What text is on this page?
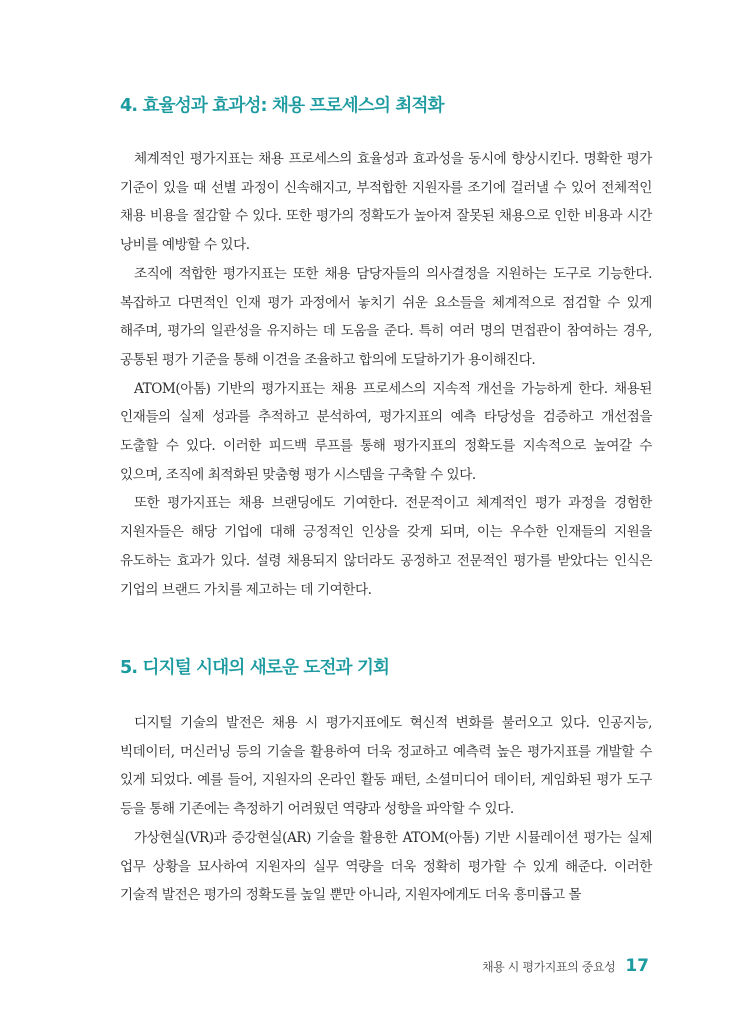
4. 효율성과 효과성: 채용 프로세스의 최적화

체계적인 평가지표는 채용 프로세스의 효율성과 효과성을 동시에 향상시킨다. 명확한 평가 기준이 있을 때 선별 과정이 신속해지고, 부적합한 지원자를 조기에 걸러낼 수 있어 전체적인 채용 비용을 절감할 수 있다. 또한 평가의 정확도가 높아져 잘못된 채용으로 인한 비용과 시간 낭비를 예방할 수 있다.

조직에 적합한 평가지표는 또한 채용 담당자들의 의사결정을 지원하는 도구로 기능한다. 복잡하고 다면적인 인재 평가 과정에서 놓치기 쉬운 요소들을 체계적으로 점검할 수 있게 해주며, 평가의 일관성을 유지하는 데 도움을 준다. 특히 여러 명의 면접관이 참여하는 경우, 공통된 평가 기준을 통해 이견을 조율하고 합의에 도달하기가 용이해진다.

ATOM(아톰) 기반의 평가지표는 채용 프로세스의 지속적 개선을 가능하게 한다. 채용된 인재들의 실제 성과를 추적하고 분석하여, 평가지표의 예측 타당성을 검증하고 개선점을 도출할 수 있다. 이러한 피드백 루프를 통해 평가지표의 정확도를 지속적으로 높여갈 수 있으며, 조직에 최적화된 맞춤형 평가 시스템을 구축할 수 있다.

또한 평가지표는 채용 브랜딩에도 기여한다. 전문적이고 체계적인 평가 과정을 경험한 지원자들은 해당 기업에 대해 긍정적인 인상을 갖게 되며, 이는 우수한 인재들의 지원을 유도하는 효과가 있다. 설령 채용되지 않더라도 공정하고 전문적인 평가를 받았다는 인식은 기업의 브랜드 가치를 제고하는 데 기여한다.

5. 디지털 시대의 새로운 도전과 기회

디지털 기술의 발전은 채용 시 평가지표에도 혁신적 변화를 불러오고 있다. 인공지능, 빅데이터, 머신러닝 등의 기술을 활용하여 더욱 정교하고 예측력 높은 평가지표를 개발할 수 있게 되었다. 예를 들어, 지원자의 온라인 활동 패턴, 소셜미디어 데이터, 게임화된 평가 도구 등을 통해 기존에는 측정하기 어려웠던 역량과 성향을 파악할 수 있다.

가상현실(VR)과 증강현실(AR) 기술을 활용한 ATOM(아톰) 기반 시뮬레이션 평가는 실제 업무 상황을 묘사하여 지원자의 실무 역량을 더욱 정확히 평가할 수 있게 해준다. 이러한 기술적 발전은 평가의 정확도를 높일 뿐만 아니라, 지원자에게도 더욱 흥미롭고 몰

채용 시 평가지표의 중요성 17
